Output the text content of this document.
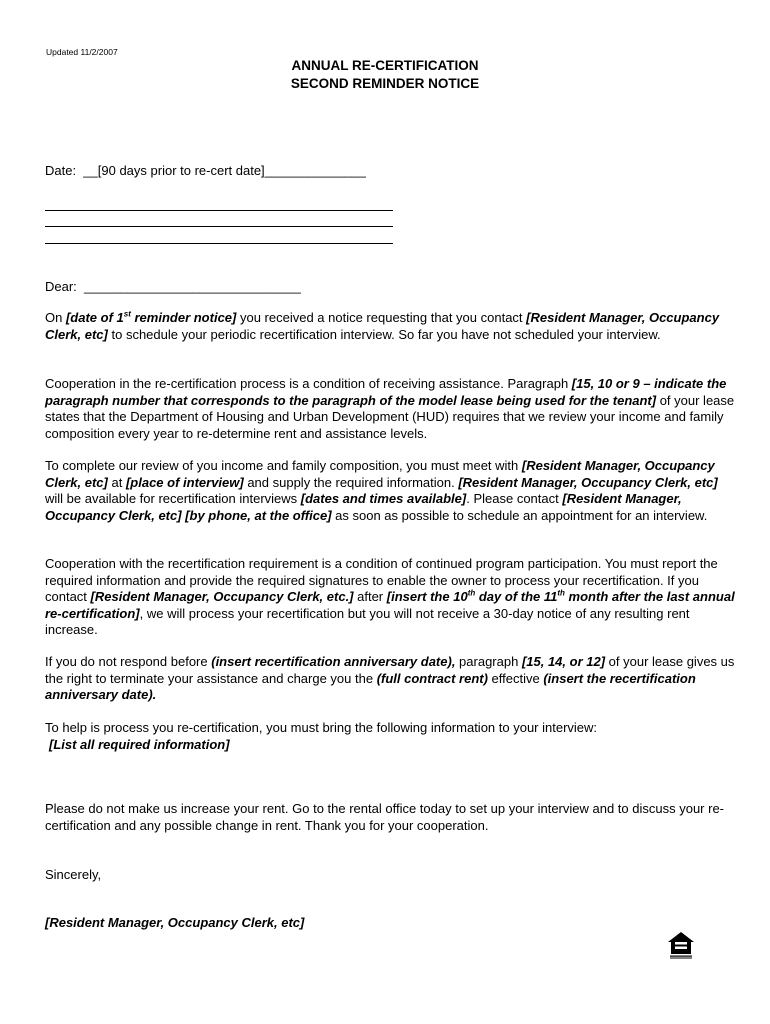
Updated 11/2/2007
ANNUAL RE-CERTIFICATION
SECOND REMINDER NOTICE
Date:  __[90 days prior to re-cert date]______________
Dear:  ______________________________
On [date of 1st reminder notice] you received a notice requesting that you contact [Resident Manager, Occupancy Clerk, etc] to schedule your periodic recertification interview. So far you have not scheduled your interview.
Cooperation in the re-certification process is a condition of receiving assistance. Paragraph [15, 10 or 9 – indicate the paragraph number that corresponds to the paragraph of the model lease being used for the tenant] of your lease states that the Department of Housing and Urban Development (HUD) requires that we review your income and family composition every year to re-determine rent and assistance levels.
To complete our review of you income and family composition, you must meet with [Resident Manager, Occupancy Clerk, etc] at [place of interview] and supply the required information. [Resident Manager, Occupancy Clerk, etc] will be available for recertification interviews [dates and times available]. Please contact [Resident Manager, Occupancy Clerk, etc] [by phone, at the office] as soon as possible to schedule an appointment for an interview.
Cooperation with the recertification requirement is a condition of continued program participation. You must report the required information and provide the required signatures to enable the owner to process your recertification. If you contact [Resident Manager, Occupancy Clerk, etc.] after [insert the 10th day of the 11th month after the last annual re-certification], we will process your recertification but you will not receive a 30-day notice of any resulting rent increase.
If you do not respond before (insert recertification anniversary date), paragraph [15, 14, or 12] of your lease gives us the right to terminate your assistance and charge you the (full contract rent) effective (insert the recertification anniversary date).
To help is process you re-certification, you must bring the following information to your interview:
[List all required information]
Please do not make us increase your rent. Go to the rental office today to set up your interview and to discuss your re-certification and any possible change in rent. Thank you for your cooperation.
Sincerely,
[Resident Manager, Occupancy Clerk, etc]
